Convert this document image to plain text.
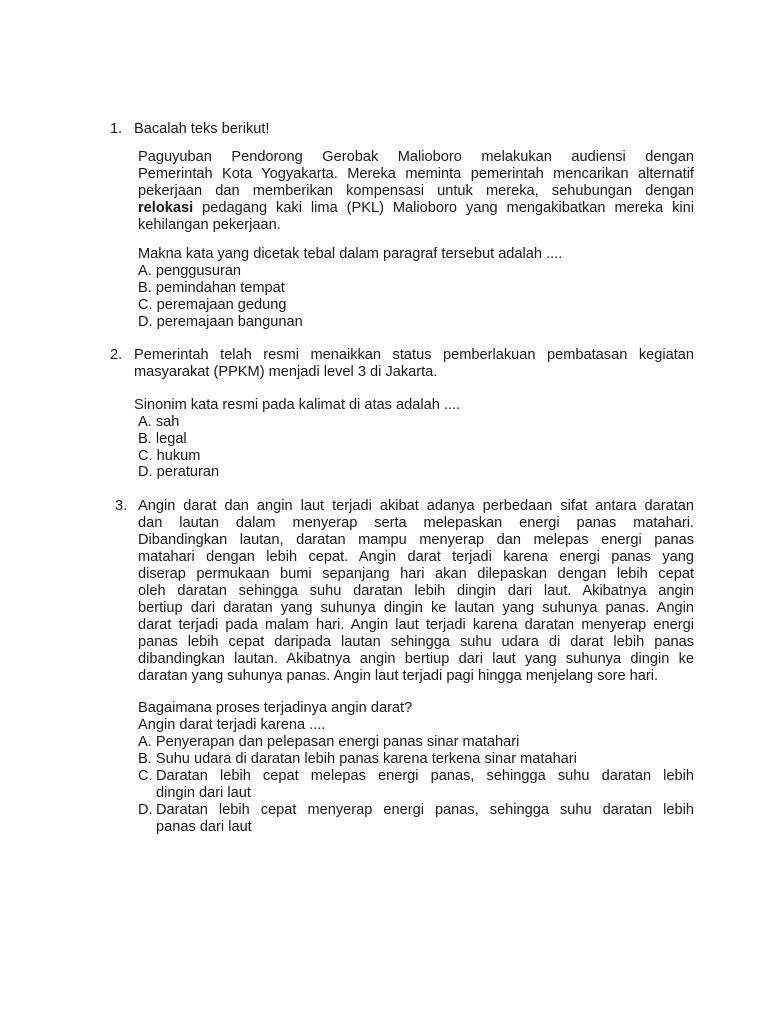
1. Bacalah teks berikut!
Paguyuban Pendorong Gerobak Malioboro melakukan audiensi dengan
Pemerintah Kota Yogyakarta. Mereka meminta pemerintah mencarikan alternatif
pekerjaan dan memberikan kompensasi untuk mereka, sehubungan dengan
relokasi pedagang kaki lima (PKL) Malioboro yang mengakibatkan mereka kini
kehilangan pekerjaan.
Makna kata yang dicetak tebal dalam paragraf tersebut adalah ....
A. penggusuran
B. pemindahan tempat
C. peremajaan gedung
D. peremajaan bangunan
2. Pemerintah telah resmi menaikkan status pemberlakuan pembatasan kegiatan
masyarakat (PPKM) menjadi level 3 di Jakarta.
Sinonim kata resmi pada kalimat di atas adalah ....
A. sah
B. legal
C. hukum
D. peraturan
3. Angin darat dan angin laut terjadi akibat adanya perbedaan sifat antara daratan
dan lautan dalam menyerap serta melepaskan energi panas matahari.
Dibandingkan lautan, daratan mampu menyerap dan melepas energi panas
matahari dengan lebih cepat. Angin darat terjadi karena energi panas yang
diserap permukaan bumi sepanjang hari akan dilepaskan dengan lebih cepat
oleh daratan sehingga suhu daratan lebih dingin dari laut. Akibatnya angin
bertiup dari daratan yang suhunya dingin ke lautan yang suhunya panas. Angin
darat terjadi pada malam hari. Angin laut terjadi karena daratan menyerap energi
panas lebih cepat daripada lautan sehingga suhu udara di darat lebih panas
dibandingkan lautan. Akibatnya angin bertiup dari laut yang suhunya dingin ke
daratan yang suhunya panas. Angin laut terjadi pagi hingga menjelang sore hari.
Bagaimana proses terjadinya angin darat?
Angin darat terjadi karena ....
A. Penyerapan dan pelepasan energi panas sinar matahari
B. Suhu udara di daratan lebih panas karena terkena sinar matahari
C. Daratan lebih cepat melepas energi panas, sehingga suhu daratan lebih
dingin dari laut
D. Daratan lebih cepat menyerap energi panas, sehingga suhu daratan lebih
panas dari laut
